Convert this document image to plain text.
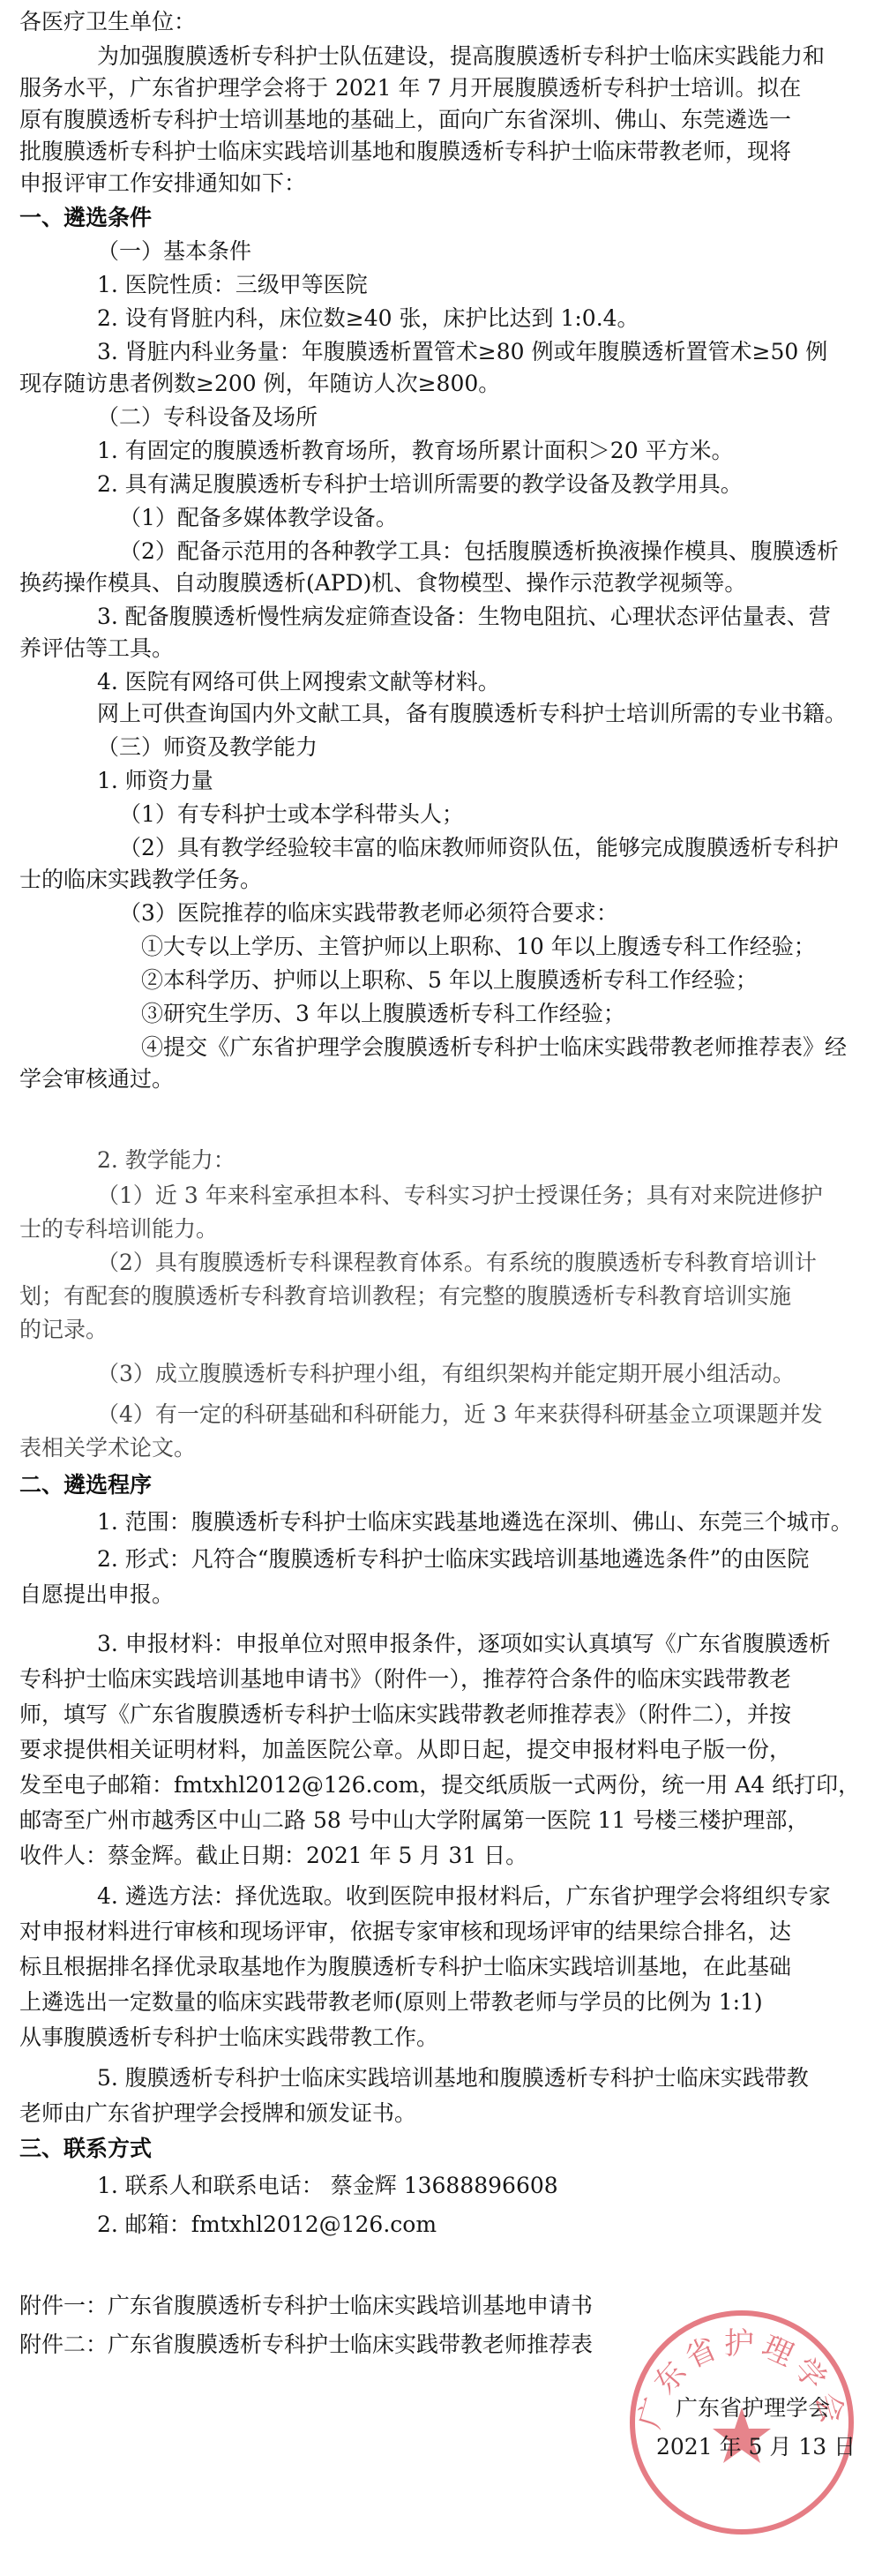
各医疗卫生单位：
为加强腹膜透析专科护士队伍建设，提高腹膜透析专科护士临床实践能力和
服务水平，广东省护理学会将于 2021 年 7 月开展腹膜透析专科护士培训。拟在
原有腹膜透析专科护士培训基地的基础上，面向广东省深圳、佛山、东莞遴选一
批腹膜透析专科护士临床实践培训基地和腹膜透析专科护士临床带教老师，现将
申报评审工作安排通知如下：
一、遴选条件
（一）基本条件
1. 医院性质：三级甲等医院
2. 设有肾脏内科，床位数≥40 张，床护比达到 1:0.4。
3. 肾脏内科业务量：年腹膜透析置管术≥80 例或年腹膜透析置管术≥50 例
现存随访患者例数≥200 例，年随访人次≥800。
（二）专科设备及场所
1. 有固定的腹膜透析教育场所，教育场所累计面积＞20 平方米。
2. 具有满足腹膜透析专科护士培训所需要的教学设备及教学用具。
（1）配备多媒体教学设备。
（2）配备示范用的各种教学工具：包括腹膜透析换液操作模具、腹膜透析
换药操作模具、自动腹膜透析(APD)机、食物模型、操作示范教学视频等。
3. 配备腹膜透析慢性病发症筛查设备：生物电阻抗、心理状态评估量表、营
养评估等工具。
4. 医院有网络可供上网搜索文献等材料。
网上可供查询国内外文献工具，备有腹膜透析专科护士培训所需的专业书籍。
（三）师资及教学能力
1. 师资力量
（1）有专科护士或本学科带头人；
（2）具有教学经验较丰富的临床教师师资队伍，能够完成腹膜透析专科护
士的临床实践教学任务。
（3）医院推荐的临床实践带教老师必须符合要求：
①大专以上学历、主管护师以上职称、10 年以上腹透专科工作经验；
②本科学历、护师以上职称、5 年以上腹膜透析专科工作经验；
③研究生学历、3 年以上腹膜透析专科工作经验；
④提交《广东省护理学会腹膜透析专科护士临床实践带教老师推荐表》经
学会审核通过。
2. 教学能力：
（1）近 3 年来科室承担本科、专科实习护士授课任务；具有对来院进修护
士的专科培训能力。
（2）具有腹膜透析专科课程教育体系。有系统的腹膜透析专科教育培训计
划；有配套的腹膜透析专科教育培训教程；有完整的腹膜透析专科教育培训实施
的记录。
（3）成立腹膜透析专科护理小组，有组织架构并能定期开展小组活动。
（4）有一定的科研基础和科研能力，近 3 年来获得科研基金立项课题并发
表相关学术论文。
二、遴选程序
1. 范围：腹膜透析专科护士临床实践基地遴选在深圳、佛山、东莞三个城市。
2. 形式：凡符合“腹膜透析专科护士临床实践培训基地遴选条件”的由医院
自愿提出申报。
3. 申报材料：申报单位对照申报条件，逐项如实认真填写《广东省腹膜透析
专科护士临床实践培训基地申请书》（附件一），推荐符合条件的临床实践带教老
师，填写《广东省腹膜透析专科护士临床实践带教老师推荐表》（附件二），并按
要求提供相关证明材料，加盖医院公章。从即日起，提交申报材料电子版一份，
发至电子邮箱：fmtxhl2012@126.com，提交纸质版一式两份，统一用 A4 纸打印，
邮寄至广州市越秀区中山二路 58 号中山大学附属第一医院 11 号楼三楼护理部，
收件人：蔡金辉。截止日期：2021 年 5 月 31 日。
4. 遴选方法：择优选取。收到医院申报材料后，广东省护理学会将组织专家
对申报材料进行审核和现场评审，依据专家审核和现场评审的结果综合排名，达
标且根据排名择优录取基地作为腹膜透析专科护士临床实践培训基地，在此基础
上遴选出一定数量的临床实践带教老师(原则上带教老师与学员的比例为 1:1)
从事腹膜透析专科护士临床实践带教工作。
5. 腹膜透析专科护士临床实践培训基地和腹膜透析专科护士临床实践带教
老师由广东省护理学会授牌和颁发证书。
三、联系方式
1. 联系人和联系电话： 蔡金辉 13688896608
2. 邮箱：fmtxhl2012@126.com
附件一：广东省腹膜透析专科护士临床实践培训基地申请书
附件二：广东省腹膜透析专科护士临床实践带教老师推荐表
广东省护理学会
广东省护理学会
2021 年 5 月 13 日
